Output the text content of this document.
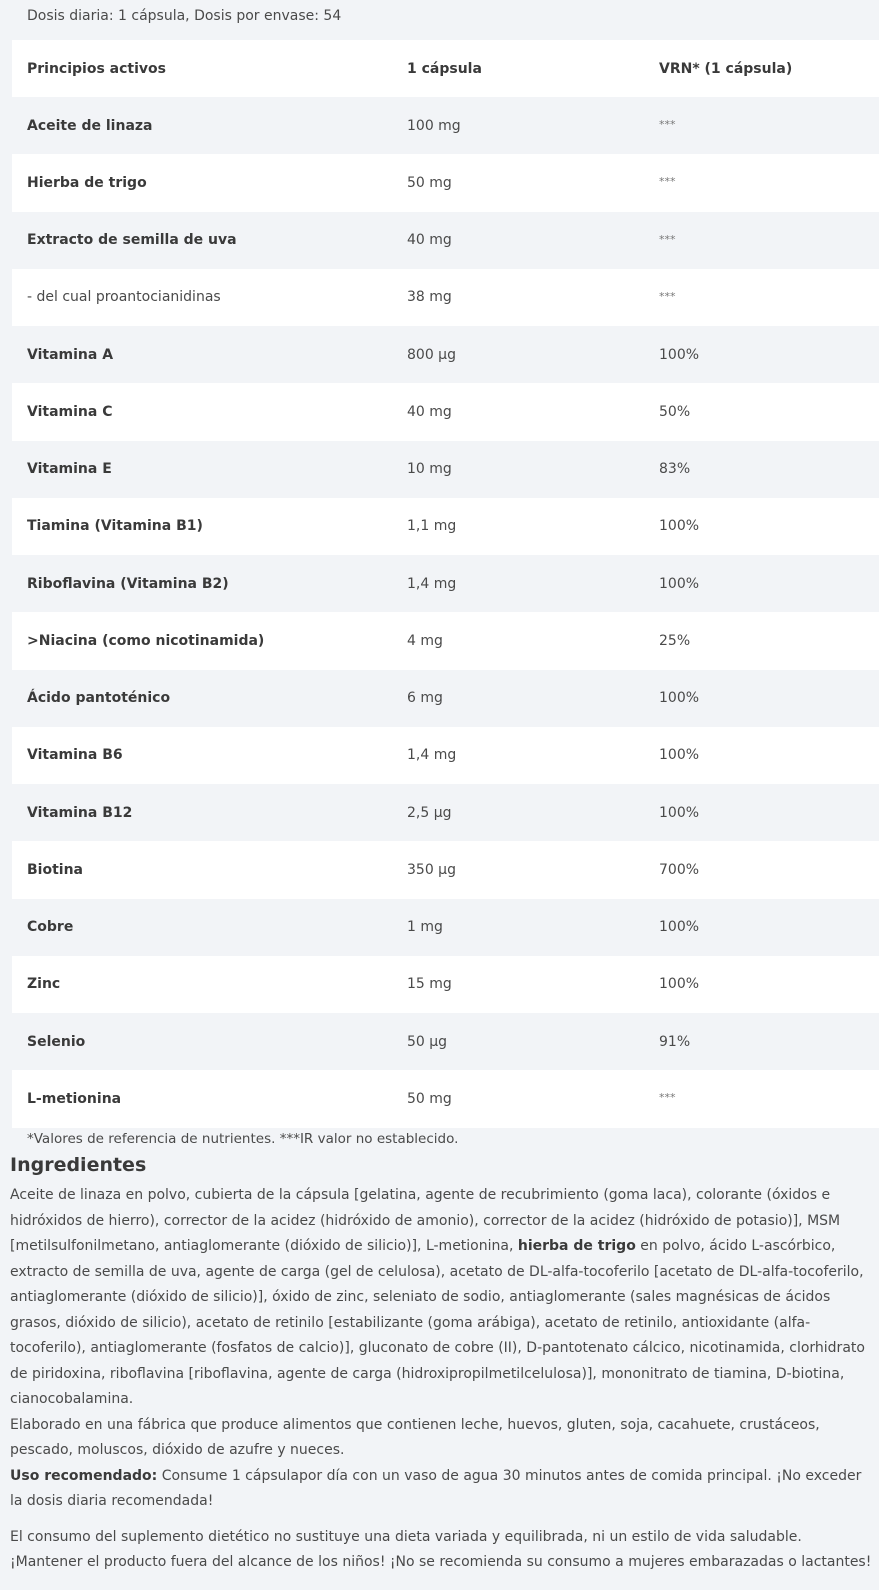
Dosis diaria: 1 cápsula, Dosis por envase: 54
Principios activos	1 cápsula	VRN* (1 cápsula)
Aceite de linaza	100 mg	***
Hierba de trigo	50 mg	***
Extracto de semilla de uva	40 mg	***
- del cual proantocianidinas	38 mg	***
Vitamina A	800 µg	100%
Vitamina C	40 mg	50%
Vitamina E	10 mg	83%
Tiamina (Vitamina B1)	1,1 mg	100%
Riboflavina (Vitamina B2)	1,4 mg	100%
>Niacina (como nicotinamida)	4 mg	25%
Ácido pantoténico	6 mg	100%
Vitamina B6	1,4 mg	100%
Vitamina B12	2,5 µg	100%
Biotina	350 µg	700%
Cobre	1 mg	100%
Zinc	15 mg	100%
Selenio	50 µg	91%
L-metionina	50 mg	***
*Valores de referencia de nutrientes. ***IR valor no establecido.
Ingredientes

Aceite de linaza en polvo, cubierta de la cápsula [gelatina, agente de recubrimiento (goma laca), colorante (óxidos e hidróxidos de hierro), corrector de la acidez (hidróxido de amonio), corrector de la acidez (hidróxido de potasio)], MSM [metilsulfonilmetano, antiaglomerante (dióxido de silicio)], L-metionina, hierba de trigo en polvo, ácido L-ascórbico, extracto de semilla de uva, agente de carga (gel de celulosa), acetato de DL-alfa-tocoferilo [acetato de DL-alfa-tocoferilo, antiaglomerante (dióxido de silicio)], óxido de zinc, seleniato de sodio, antiaglomerante (sales magnésicas de ácidos grasos, dióxido de silicio), acetato de retinilo [estabilizante (goma arábiga), acetato de retinilo, antioxidante (alfa-tocoferilo), antiaglomerante (fosfatos de calcio)], gluconato de cobre (II), D-pantotenato cálcico, nicotinamida, clorhidrato de piridoxina, riboflavina [riboflavina, agente de carga (hidroxipropilmetilcelulosa)], mononitrato de tiamina, D-biotina, cianocobalamina.

Elaborado en una fábrica que produce alimentos que contienen leche, huevos, gluten, soja, cacahuete, crustáceos, pescado, moluscos, dióxido de azufre y nueces.

Uso recomendado: Consume 1 cápsulapor día con un vaso de agua 30 minutos antes de comida principal. ¡No exceder la dosis diaria recomendada!

El consumo del suplemento dietético no sustituye una dieta variada y equilibrada, ni un estilo de vida saludable. ¡Mantener el producto fuera del alcance de los niños! ¡No se recomienda su consumo a mujeres embarazadas o lactantes!
